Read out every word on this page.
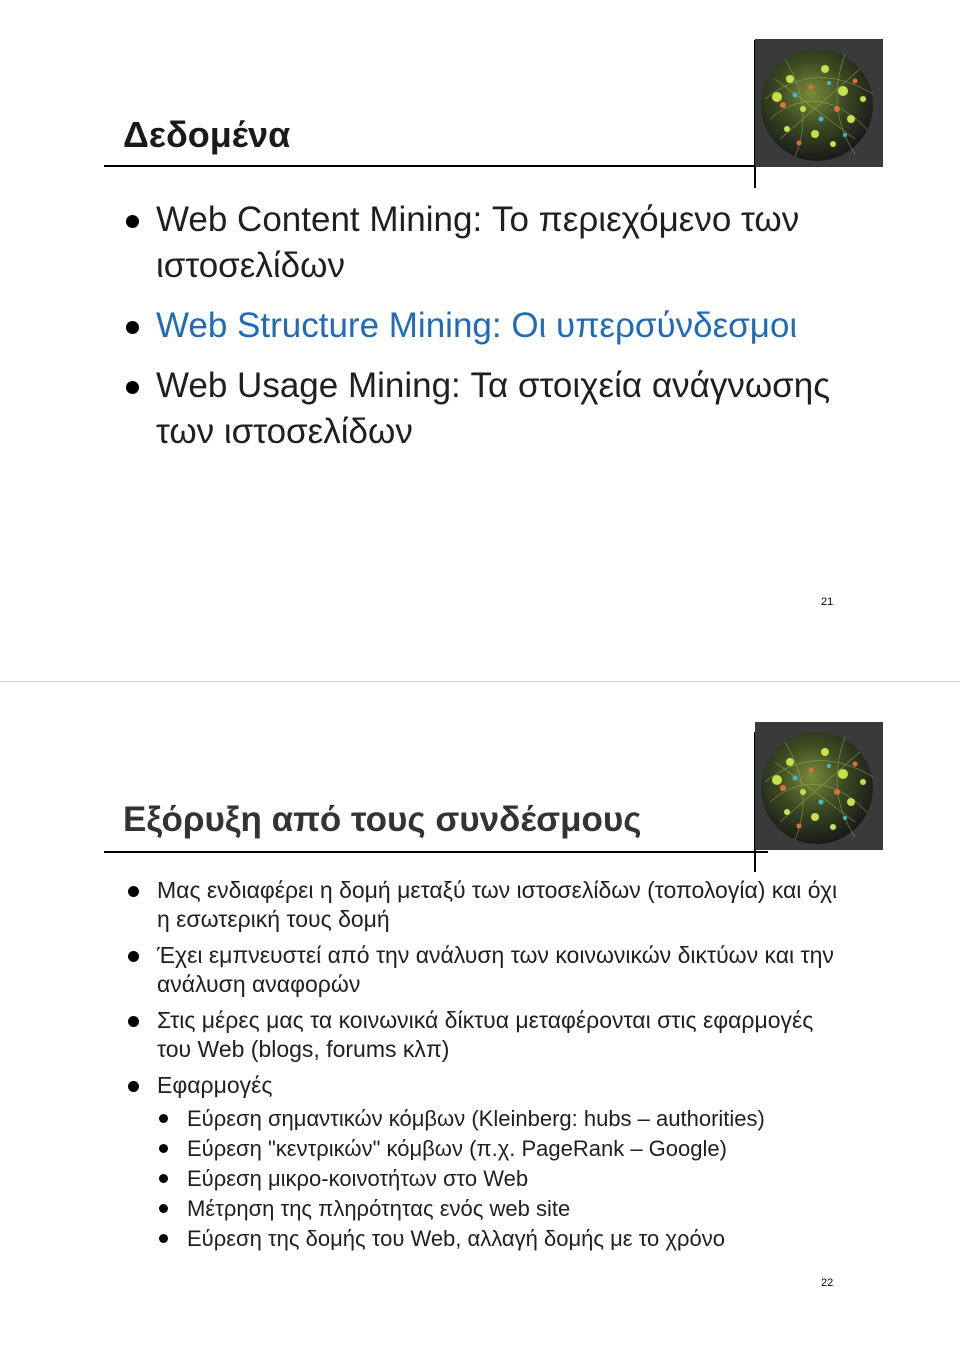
Δεδομένα
Web Content Mining: Το περιεχόμενο των ιστοσελίδων
Web Structure Mining: Οι υπερσύνδεσμοι
Web Usage Mining: Τα στοιχεία ανάγνωσης των ιστοσελίδων
21
22
Εξόρυξη από τους συνδέσμους
Μας ενδιαφέρει η δομή μεταξύ των ιστοσελίδων (τοπολογία) και όχι η εσωτερική τους δομή
Έχει εμπνευστεί από την ανάλυση των κοινωνικών δικτύων και την ανάλυση αναφορών
Στις μέρες μας τα κοινωνικά δίκτυα μεταφέρονται στις εφαρμογές του Web (blogs, forums κλπ)
Εφαρμογές
Εύρεση σημαντικών κόμβων (Kleinberg: hubs – authorities)
Εύρεση "κεντρικών" κόμβων (π.χ. PageRank – Google)
Εύρεση μικρο-κοινοτήτων στο Web
Μέτρηση της πληρότητας ενός web site
Εύρεση της δομής του Web, αλλαγή δομής με το χρόνο
